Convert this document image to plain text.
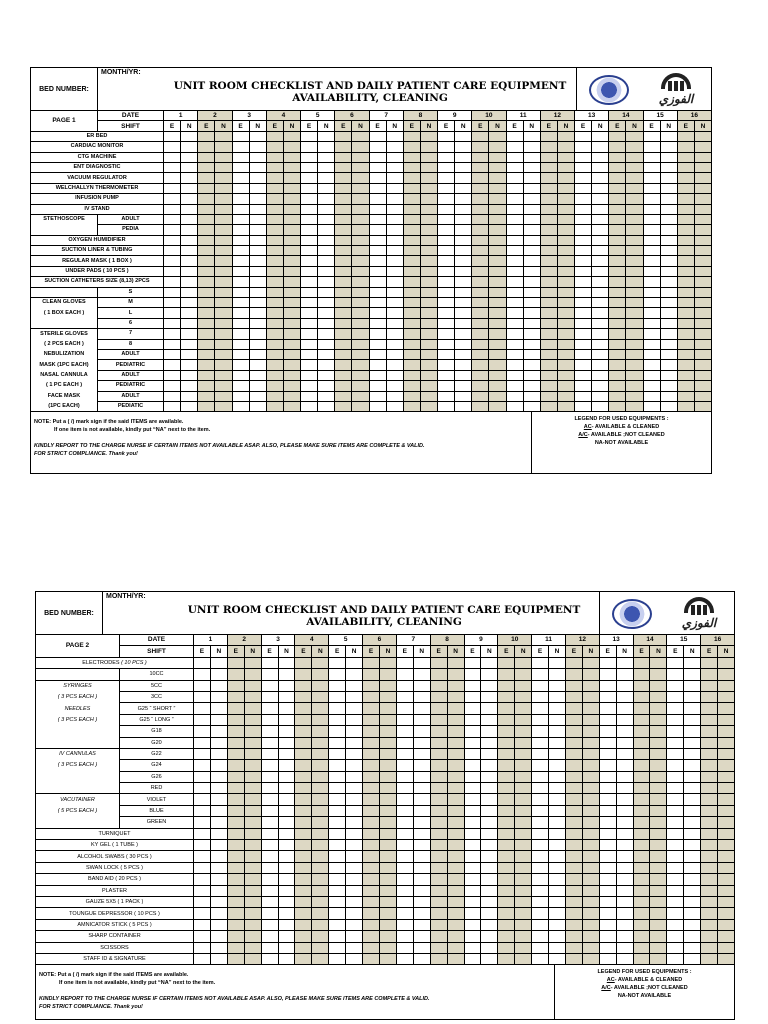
BED NUMBER:
MONTH/YR:
UNIT ROOM CHECKLIST AND DAILY PATIENT CARE EQUIPMENT
AVAILABILITY, CLEANING	الفوزي
PAGE 1	DATE	1		2		3		4		5		6		7		8		9		10		11		12		13		14		15		16	
	SHIFT	E	N	E	N	E	N	E	N	E	N	E	N	E	N	E	N	E	N	E	N	E	N	E	N	E	N	E	N	E	N	E	N
ER BED																																	
CARDIAC MONITOR																																	
CTG MACHINE																																	
ENT DIAGNOSTIC																																	
VACUUM REGULATOR																																	
WELCHALLYN THERMOMETER																																	
INFUSION PUMP																																	
IV STAND																																	
STETHOSCOPE	ADULT																																
	PEDIA																																
OXYGEN HUMIDIFIER																																	
SUCTION LINER & TUBING																																	
REGULAR MASK ( 1 BOX )																																	
UNDER PADS ( 10 PCS )																																	
SUCTION CATHETERS SIZE (8,13) 2PCS																																	
	S																																
CLEAN GLOVES	M																																
( 1 BOX EACH )	L																																
	6																																
STERILE GLOVES	7																																
( 2 PCS EACH )	8																																
NEBULIZATION	ADULT																																
MASK (1PC EACH)	PEDIATRIC																																
NASAL CANNULA	ADULT																																
( 1 PC EACH )	PEDIATRIC																																
FACE MASK	ADULT																																
(1PC EACH)	PEDIATIC																																
NOTE: Put a ( /) mark sign if the said ITEMS are available.
If one item is not available, kindly put “NA” next to the item.
KINDLY REPORT TO THE CHARGE NURSE IF CERTAIN ITEM/S NOT AVAILABLE ASAP. ALSO, PLEASE MAKE SURE ITEMS ARE COMPLETE & VALID.
FOR STRICT COMPLIANCE. Thank you!
LEGEND FOR USED EQUIPMENTS :
AC- AVAILABLE & CLEANED
A/C- AVAILABLE ;NOT CLEANED
NA-NOT AVAILABLE
BED NUMBER:
MONTH/YR:
UNIT ROOM CHECKLIST AND DAILY PATIENT CARE EQUIPMENT
AVAILABILITY, CLEANING	الفوزي
PAGE 2	DATE	1		2		3		4		5		6		7		8		9		10		11		12		13		14		15		16	
	SHIFT	E	N	E	N	E	N	E	N	E	N	E	N	E	N	E	N	E	N	E	N	E	N	E	N	E	N	E	N	E	N	E	N
ELECTRODES ( 10 PCS )																																	
	10CC																																
SYRINGES	5CC																																
( 3 PCS EACH )	3CC																																
NEEDLES	G25 “ SHORT ”																																
( 3 PCS EACH )	G25 “ LONG ”																																
	G18																																
	G20																																
IV CANNULAS	G22																																
( 3 PCS EACH )	G24																																
	G26																																
	RED																																
VACUTAINER	VIOLET																																
( 5 PCS EACH )	BLUE																																
	GREEN																																
TURNIQUET																																	
KY GEL ( 1 TUBE )																																	
ALCOHOL SWABS ( 30 PCS )																																	
SWAN LOCK ( 5 PCS )																																	
BAND AID ( 20 PCS )																																	
PLASTER																																	
GAUZE 5X5 ( 1 PACK )																																	
TOUNGUE DEPRESSOR ( 10 PCS )																																	
AMNICATOR STICK ( 5 PCS )																																	
SHARP CONTAINER																																	
SCISSORS																																	
STAFF ID & SIGNATURE																																	
NOTE: Put a ( /) mark sign if the said ITEMS are available.
If one item is not available, kindly put “NA” next to the item.
KINDLY REPORT TO THE CHARGE NURSE IF CERTAIN ITEM/S NOT AVAILABLE ASAP. ALSO, PLEASE MAKE SURE ITEMS ARE COMPLETE & VALID.
FOR STRICT COMPLIANCE. Thank you!
LEGEND FOR USED EQUIPMENTS :
AC- AVAILABLE & CLEANED
A/C- AVAILABLE ;NOT CLEANED
NA-NOT AVAILABLE
